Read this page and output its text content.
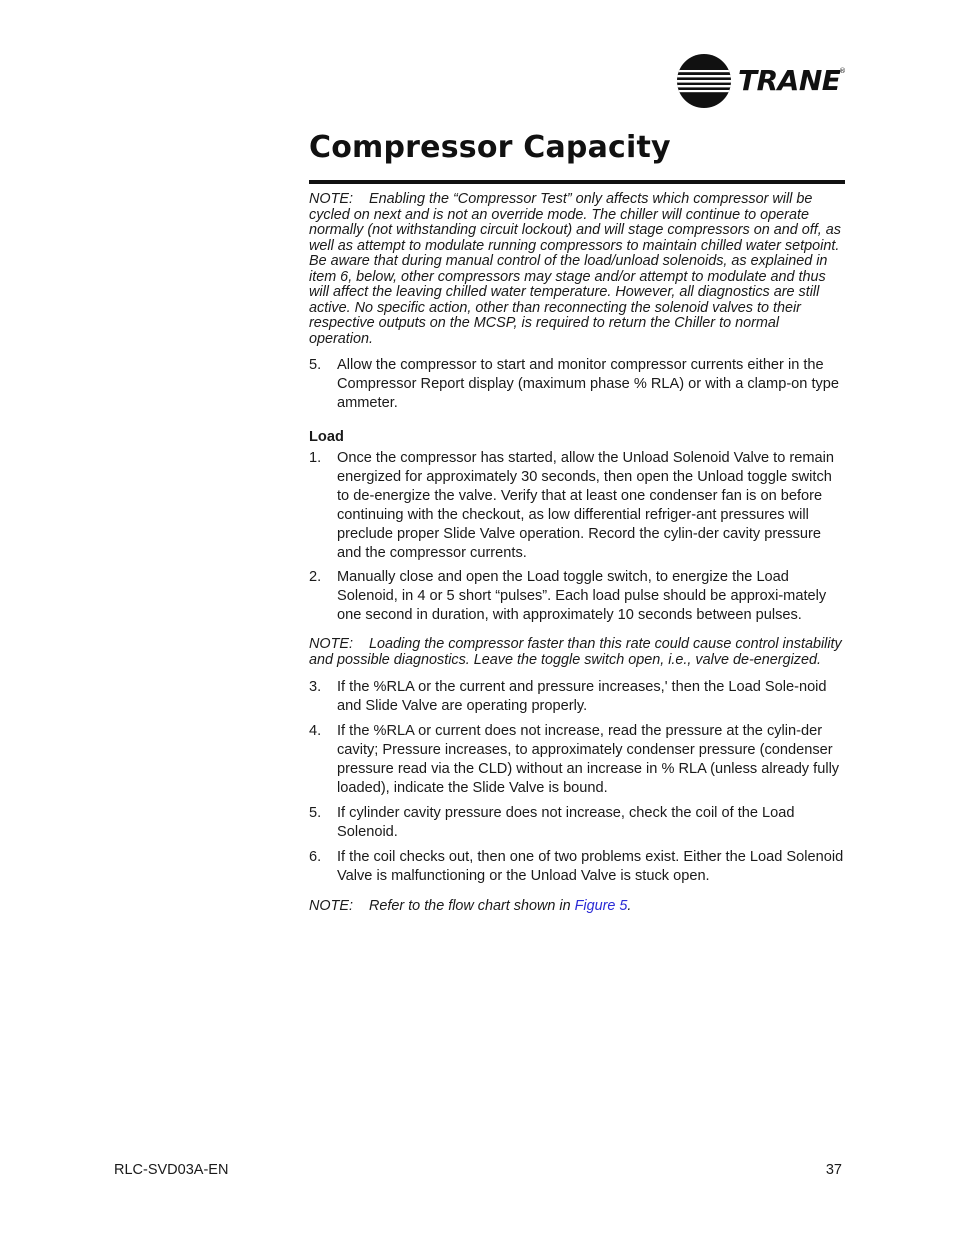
TRANE
®
Compressor Capacity

NOTE: Enabling the “Compressor Test” only affects which compressor will be cycled on next and is not an override mode. The chiller will continue to operate normally (not withstanding circuit lockout) and will stage compressors on and off, as well as attempt to modulate running compressors to maintain chilled water setpoint. Be aware that during manual control of the load/unload solenoids, as explained in item 6, below, other compressors may stage and/or attempt to modulate and thus will affect the leaving chilled water temperature. However, all diagnostics are still active. No specific action, other than reconnecting the solenoid valves to their respective outputs on the MCSP, is required to return the Chiller to normal operation.

5. Allow the compressor to start and monitor compressor currents either in the Compressor Report display (maximum phase % RLA) or with a clamp-on type ammeter.

Load

1. Once the compressor has started, allow the Unload Solenoid Valve to remain energized for approximately 30 seconds, then open the Unload toggle switch to de-energize the valve. Verify that at least one condenser fan is on before continuing with the checkout, as low differential refriger-ant pressures will preclude proper Slide Valve operation. Record the cylin-der cavity pressure and the compressor currents.

2. Manually close and open the Load toggle switch, to energize the Load Solenoid, in 4 or 5 short “pulses”. Each load pulse should be approxi-mately one second in duration, with approximately 10 seconds between pulses.

NOTE: Loading the compressor faster than this rate could cause control instability and possible diagnostics. Leave the toggle switch open, i.e., valve de-energized.

3. If the %RLA or the current and pressure increases,' then the Load Sole-noid and Slide Valve are operating properly.

4. If the %RLA or current does not increase, read the pressure at the cylin-der cavity; Pressure increases, to approximately condenser pressure (condenser pressure read via the CLD) without an increase in % RLA (unless already fully loaded), indicate the Slide Valve is bound.

5. If cylinder cavity pressure does not increase, check the coil of the Load Solenoid.

6. If the coil checks out, then one of two problems exist. Either the Load Solenoid Valve is malfunctioning or the Unload Valve is stuck open.

NOTE: Refer to the flow chart shown in Figure 5.

RLC-SVD03A-EN	37
